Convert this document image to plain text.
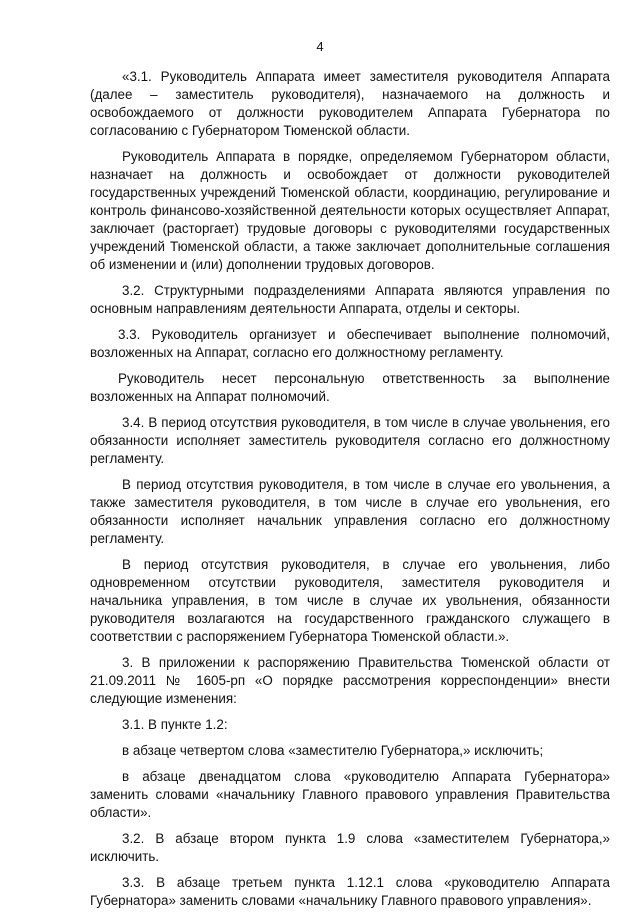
4

«3.1. Руководитель Аппарата имеет заместителя руководителя Аппарата (далее – заместитель руководителя), назначаемого на должность и освобождаемого от должности руководителем Аппарата Губернатора по согласованию с Губернатором Тюменской области.

Руководитель Аппарата в порядке, определяемом Губернатором области, назначает на должность и освобождает от должности руководителей государственных учреждений Тюменской области, координацию, регулирование и контроль финансово-хозяйственной деятельности которых осуществляет Аппарат, заключает (расторгает) трудовые договоры с руководителями государственных учреждений Тюменской области, а также заключает дополнительные соглашения об изменении и (или) дополнении трудовых договоров.

3.2. Структурными подразделениями Аппарата являются управления по основным направлениям деятельности Аппарата, отделы и секторы.

3.3. Руководитель организует и обеспечивает выполнение полномочий, возложенных на Аппарат, согласно его должностному регламенту.

Руководитель несет персональную ответственность за выполнение возложенных на Аппарат полномочий.

3.4. В период отсутствия руководителя, в том числе в случае увольнения, его обязанности исполняет заместитель руководителя согласно его должностному регламенту.

В период отсутствия руководителя, в том числе в случае его увольнения, а также заместителя руководителя, в том числе в случае его увольнения, его обязанности исполняет начальник управления согласно его должностному регламенту.

В период отсутствия руководителя, в случае его увольнения, либо одновременном отсутствии руководителя, заместителя руководителя и начальника управления, в том числе в случае их увольнения, обязанности руководителя возлагаются на государственного гражданского служащего в соответствии с распоряжением Губернатора Тюменской области.».

3. В приложении к распоряжению Правительства Тюменской области от 21.09.2011 № 1605-рп «О порядке рассмотрения корреспонденции» внести следующие изменения:

3.1. В пункте 1.2:

в абзаце четвертом слова «заместителю Губернатора,» исключить;

в абзаце двенадцатом слова «руководителю Аппарата Губернатора» заменить словами «начальнику Главного правового управления Правительства области».

3.2. В абзаце втором пункта 1.9 слова «заместителем Губернатора,» исключить.

3.3. В абзаце третьем пункта 1.12.1 слова «руководителю Аппарата Губернатора» заменить словами «начальнику Главного правового управления».
